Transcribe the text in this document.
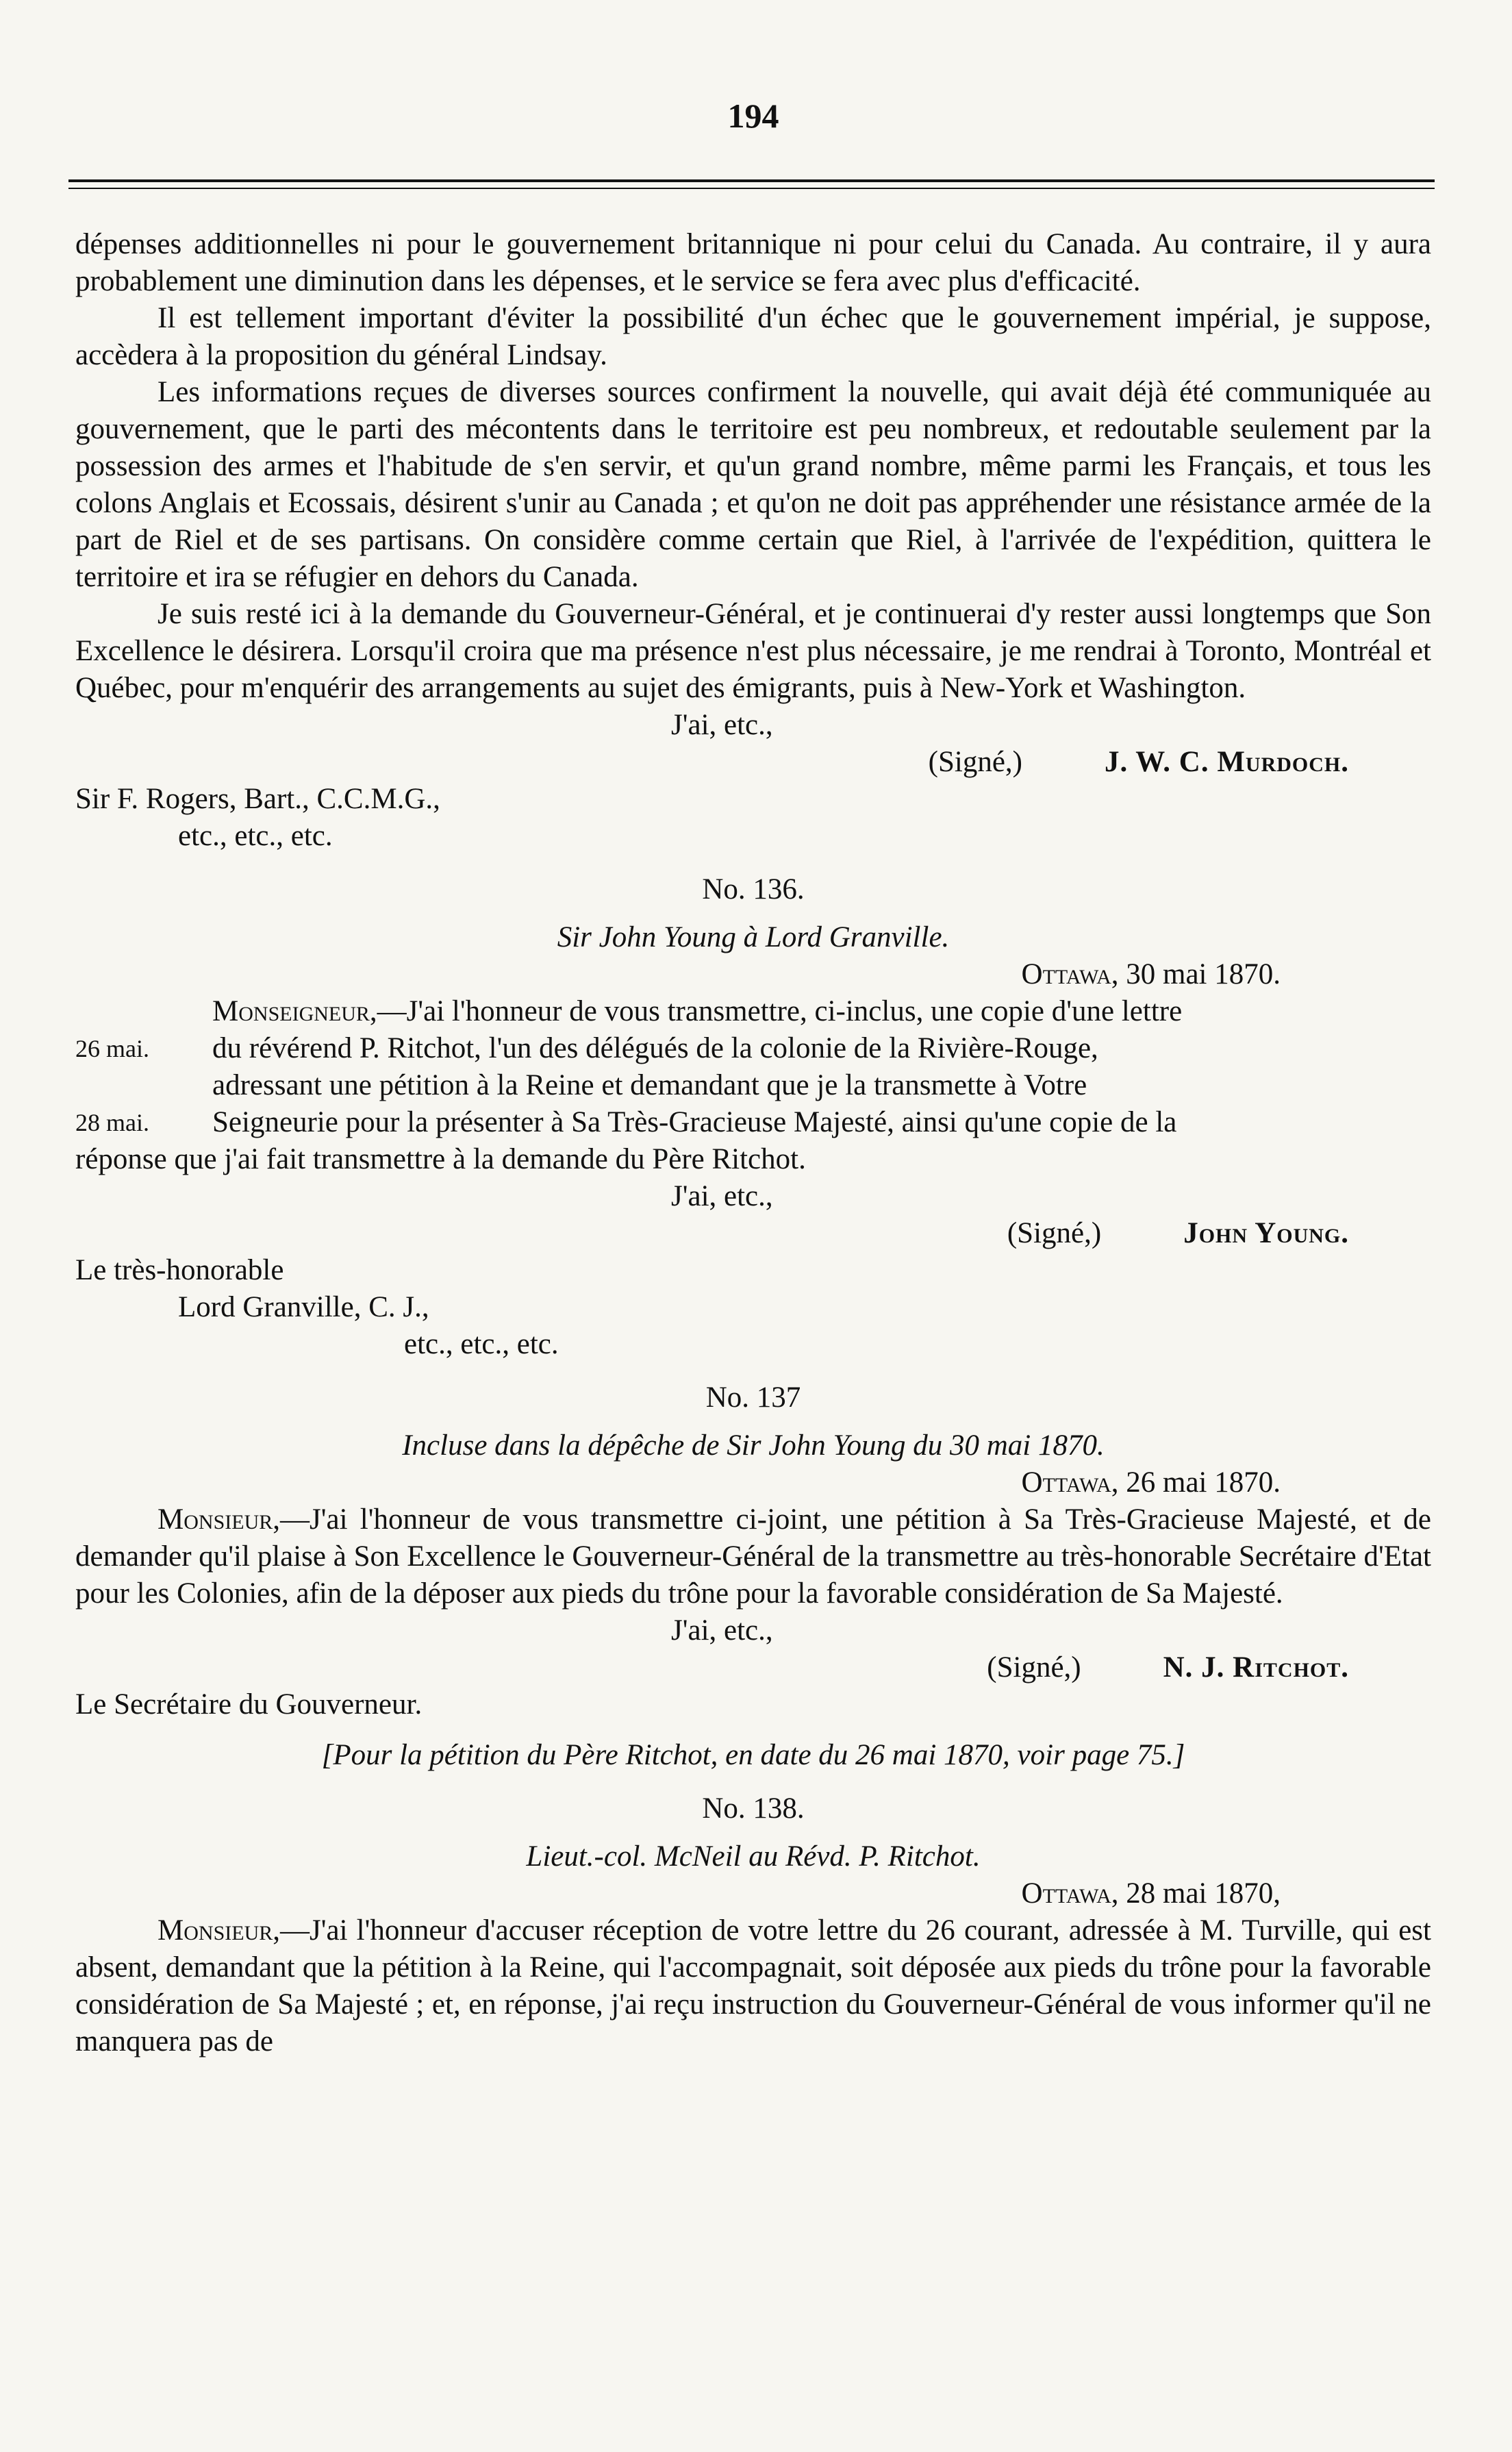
194

dépenses additionnelles ni pour le gouvernement britannique ni pour celui du Canada. Au contraire, il y aura probablement une diminution dans les dépenses, et le service se fera avec plus d'efficacité.

Il est tellement important d'éviter la possibilité d'un échec que le gouvernement impérial, je suppose, accèdera à la proposition du général Lindsay.

Les informations reçues de diverses sources confirment la nouvelle, qui avait déjà été communiquée au gouvernement, que le parti des mécontents dans le territoire est peu nombreux, et redoutable seulement par la possession des armes et l'habitude de s'en servir, et qu'un grand nombre, même parmi les Français, et tous les colons Anglais et Ecossais, désirent s'unir au Canada ; et qu'on ne doit pas appréhender une résistance armée de la part de Riel et de ses partisans. On considère comme certain que Riel, à l'arrivée de l'expédition, quittera le territoire et ira se réfugier en dehors du Canada.

Je suis resté ici à la demande du Gouverneur-Général, et je continuerai d'y rester aussi longtemps que Son Excellence le désirera. Lorsqu'il croira que ma présence n'est plus nécessaire, je me rendrai à Toronto, Montréal et Québec, pour m'enquérir des arrangements au sujet des émigrants, puis à New-York et Washington.

J'ai, etc.,
(Signé,)	J. W. C. Murdoch.
Sir F. Rogers, Bart., C.C.M.G.,
etc., etc., etc.
No. 136.
Sir John Young à Lord Granville.
Ottawa, 30 mai 1870.
Monseigneur,—J'ai l'honneur de vous transmettre, ci-inclus, une copie d'une lettre
26 mai.	du révérend P. Ritchot, l'un des délégués de la colonie de la Rivière-Rouge,
adressant une pétition à la Reine et demandant que je la transmette à Votre
28 mai.	Seigneurie pour la présenter à Sa Très-Gracieuse Majesté, ainsi qu'une copie de la
réponse que j'ai fait transmettre à la demande du Père Ritchot.
J'ai, etc.,
(Signé,)	John Young.
Le très-honorable
Lord Granville, C. J.,
etc., etc., etc.
No. 137
Incluse dans la dépêche de Sir John Young du 30 mai 1870.
Ottawa, 26 mai 1870.

Monsieur,—J'ai l'honneur de vous transmettre ci-joint, une pétition à Sa Très-Gracieuse Majesté, et de demander qu'il plaise à Son Excellence le Gouverneur-Général de la transmettre au très-honorable Secrétaire d'Etat pour les Colonies, afin de la déposer aux pieds du trône pour la favorable considération de Sa Majesté.

J'ai, etc.,
(Signé,)	N. J. Ritchot.
Le Secrétaire du Gouverneur.
[Pour la pétition du Père Ritchot, en date du 26 mai 1870, voir page 75.]
No. 138.
Lieut.-col. McNeil au Révd. P. Ritchot.
Ottawa, 28 mai 1870,

Monsieur,—J'ai l'honneur d'accuser réception de votre lettre du 26 courant, adressée à M. Turville, qui est absent, demandant que la pétition à la Reine, qui l'accompagnait, soit déposée aux pieds du trône pour la favorable considération de Sa Majesté ; et, en réponse, j'ai reçu instruction du Gouverneur-Général de vous informer qu'il ne manquera pas de
